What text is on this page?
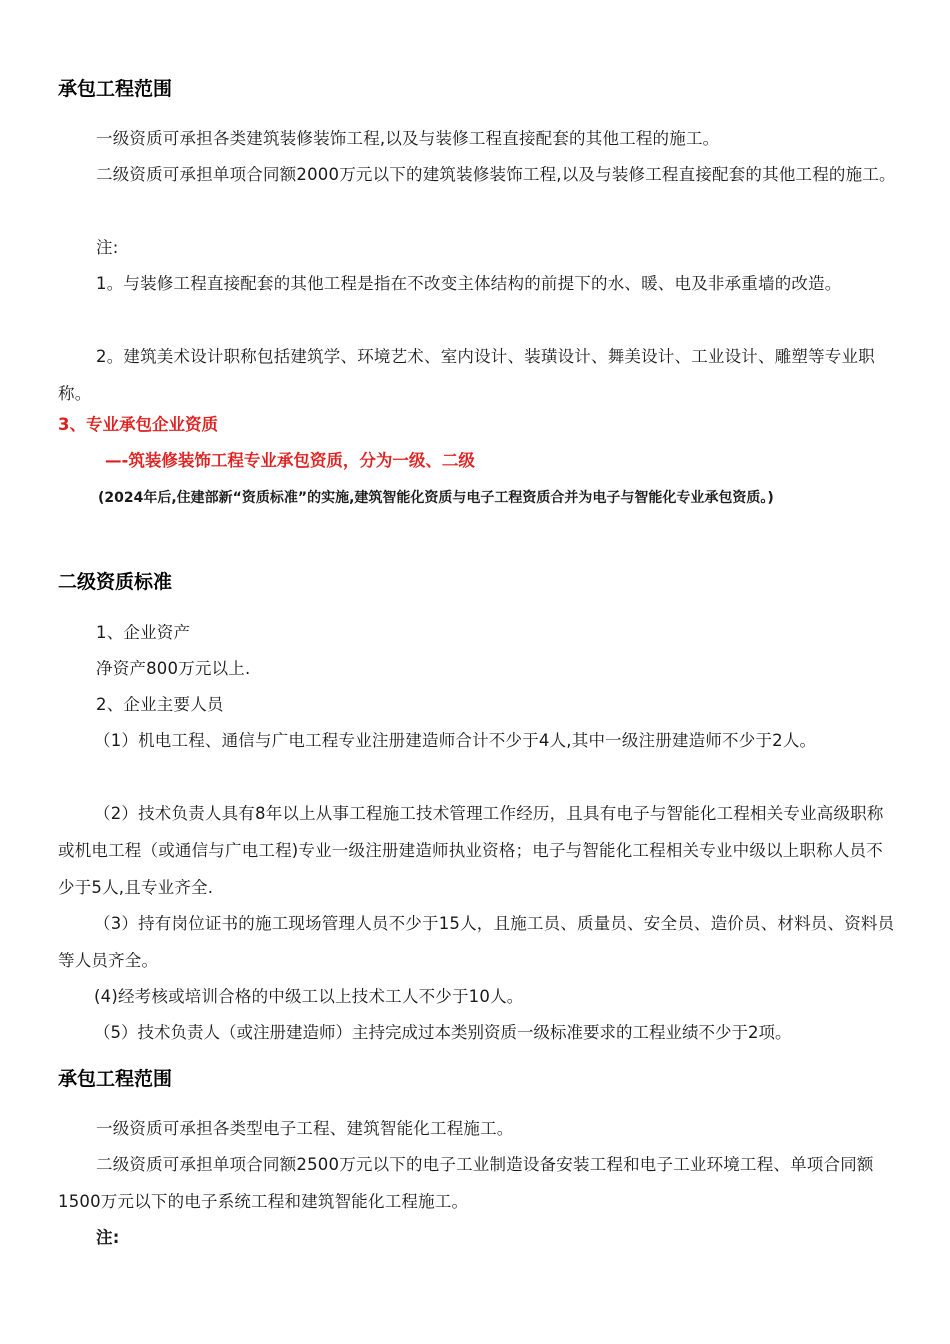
承包工程范围
一级资质可承担各类建筑装修装饰工程,以及与装修工程直接配套的其他工程的施工。
二级资质可承担单项合同额2000万元以下的建筑装修装饰工程,以及与装修工程直接配套的其他工程的施工。
注:
1。与装修工程直接配套的其他工程是指在不改变主体结构的前提下的水、暖、电及非承重墙的改造。
2。建筑美术设计职称包括建筑学、环境艺术、室内设计、装璜设计、舞美设计、工业设计、雕塑等专业职称。
3、专业承包企业资质
—-筑装修装饰工程专业承包资质，分为一级、二级
(2024年后,住建部新“资质标准”的实施,建筑智能化资质与电子工程资质合并为电子与智能化专业承包资质。)
二级资质标准
1、企业资产
净资产800万元以上.
2、企业主要人员
（1）机电工程、通信与广电工程专业注册建造师合计不少于4人,其中一级注册建造师不少于2人。
（2）技术负责人具有8年以上从事工程施工技术管理工作经历，且具有电子与智能化工程相关专业高级职称或机电工程（或通信与广电工程)专业一级注册建造师执业资格；电子与智能化工程相关专业中级以上职称人员不少于5人,且专业齐全.
（3）持有岗位证书的施工现场管理人员不少于15人，且施工员、质量员、安全员、造价员、材料员、资料员等人员齐全。
(4)经考核或培训合格的中级工以上技术工人不少于10人。
（5）技术负责人（或注册建造师）主持完成过本类别资质一级标准要求的工程业绩不少于2项。
承包工程范围
一级资质可承担各类型电子工程、建筑智能化工程施工。
二级资质可承担单项合同额2500万元以下的电子工业制造设备安装工程和电子工业环境工程、单项合同额1500万元以下的电子系统工程和建筑智能化工程施工。
注:
